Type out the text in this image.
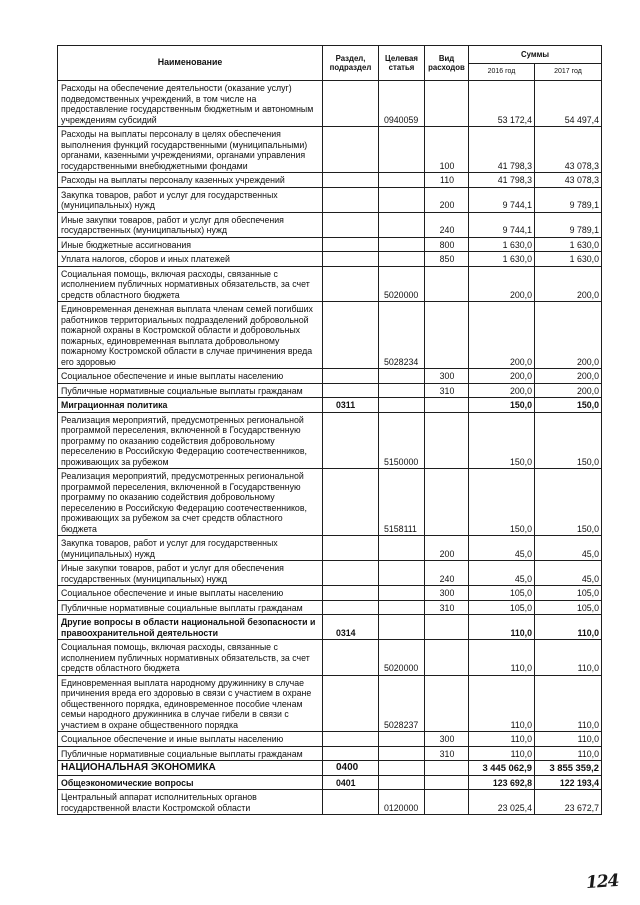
Наименование	Раздел, подраздел	Целевая статья	Вид расходов	Суммы	
				2016 год	2017 год
Расходы на обеспечение деятельности (оказание услуг) подведомственных учреждений, в том числе на предоставление государственным бюджетным и автономным учреждениям субсидий		0940059		53 172,4	54 497,4
Расходы на выплаты персоналу в целях обеспечения выполнения функций государственными (муниципальными) органами, казенными учреждениями, органами управления государственными внебюджетными фондами			100	41 798,3	43 078,3
Расходы на выплаты персоналу казенных учреждений			110	41 798,3	43 078,3
Закупка товаров, работ и услуг для государственных (муниципальных) нужд			200	9 744,1	9 789,1
Иные закупки товаров, работ и услуг для обеспечения государственных (муниципальных) нужд			240	9 744,1	9 789,1
Иные бюджетные ассигнования			800	1 630,0	1 630,0
Уплата налогов, сборов и иных платежей			850	1 630,0	1 630,0
Социальная помощь, включая расходы, связанные с исполнением публичных нормативных обязательств, за счет средств областного бюджета		5020000		200,0	200,0
Единовременная денежная выплата членам семей погибших работников территориальных подразделений добровольной пожарной охраны в Костромской области и добровольных пожарных, единовременная выплата добровольному пожарному Костромской области в случае причинения вреда его здоровью		5028234		200,0	200,0
Социальное обеспечение и иные выплаты населению			300	200,0	200,0
Публичные нормативные социальные выплаты гражданам			310	200,0	200,0
Миграционная политика	0311			150,0	150,0
Реализация мероприятий, предусмотренных региональной программой переселения, включенной в Государственную программу по оказанию содействия добровольному переселению в Российскую Федерацию соотечественников, проживающих за рубежом		5150000		150,0	150,0
Реализация мероприятий, предусмотренных региональной программой переселения, включенной в Государственную программу по оказанию содействия добровольному переселению в Российскую Федерацию соотечественников, проживающих за рубежом за счет средств областного бюджета		5158111		150,0	150,0
Закупка товаров, работ и услуг для государственных (муниципальных) нужд			200	45,0	45,0
Иные закупки товаров, работ и услуг для обеспечения государственных (муниципальных) нужд			240	45,0	45,0
Социальное обеспечение и иные выплаты населению			300	105,0	105,0
Публичные нормативные социальные выплаты гражданам			310	105,0	105,0
Другие вопросы в области национальной безопасности и правоохранительной деятельности	0314			110,0	110,0
Социальная помощь, включая расходы, связанные с исполнением публичных нормативных обязательств, за счет средств областного бюджета		5020000		110,0	110,0
Единовременная выплата народному дружиннику в случае причинения вреда его здоровью в связи с участием в охране общественного порядка, единовременное пособие членам семьи народного дружинника в случае гибели в связи с участием в охране общественного порядка		5028237		110,0	110,0
Социальное обеспечение и иные выплаты населению			300	110,0	110,0
Публичные нормативные социальные выплаты гражданам			310	110,0	110,0
НАЦИОНАЛЬНАЯ ЭКОНОМИКА	0400			3 445 062,9	3 855 359,2
Общеэкономические вопросы	0401			123 692,8	122 193,4
Центральный аппарат исполнительных органов государственной власти Костромской области		0120000		23 025,4	23 672,7
124
